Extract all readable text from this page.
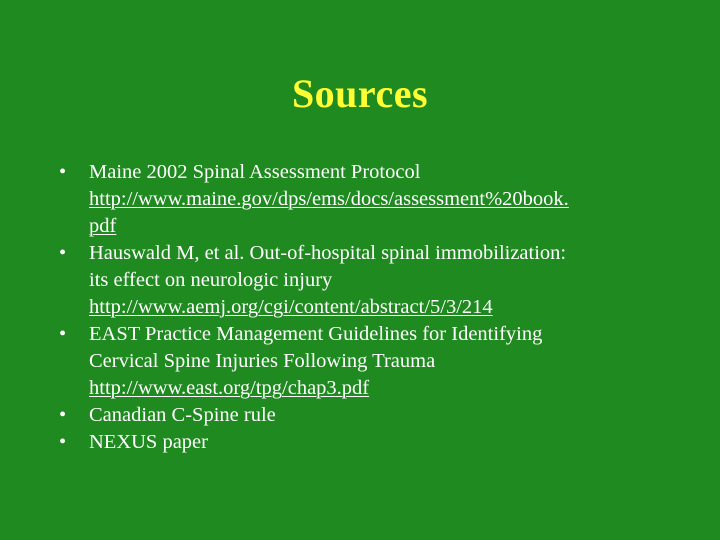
Sources
•	Maine 2002 Spinal Assessment Protocol
http://www.maine.gov/dps/ems/docs/assessment%20book.
pdf
•	Hauswald M, et al. Out-of-hospital spinal immobilization:
its effect on neurologic injury
http://www.aemj.org/cgi/content/abstract/5/3/214
•	EAST Practice Management Guidelines for Identifying
Cervical Spine Injuries Following Trauma
http://www.east.org/tpg/chap3.pdf
•	Canadian C-Spine rule
•	NEXUS paper
